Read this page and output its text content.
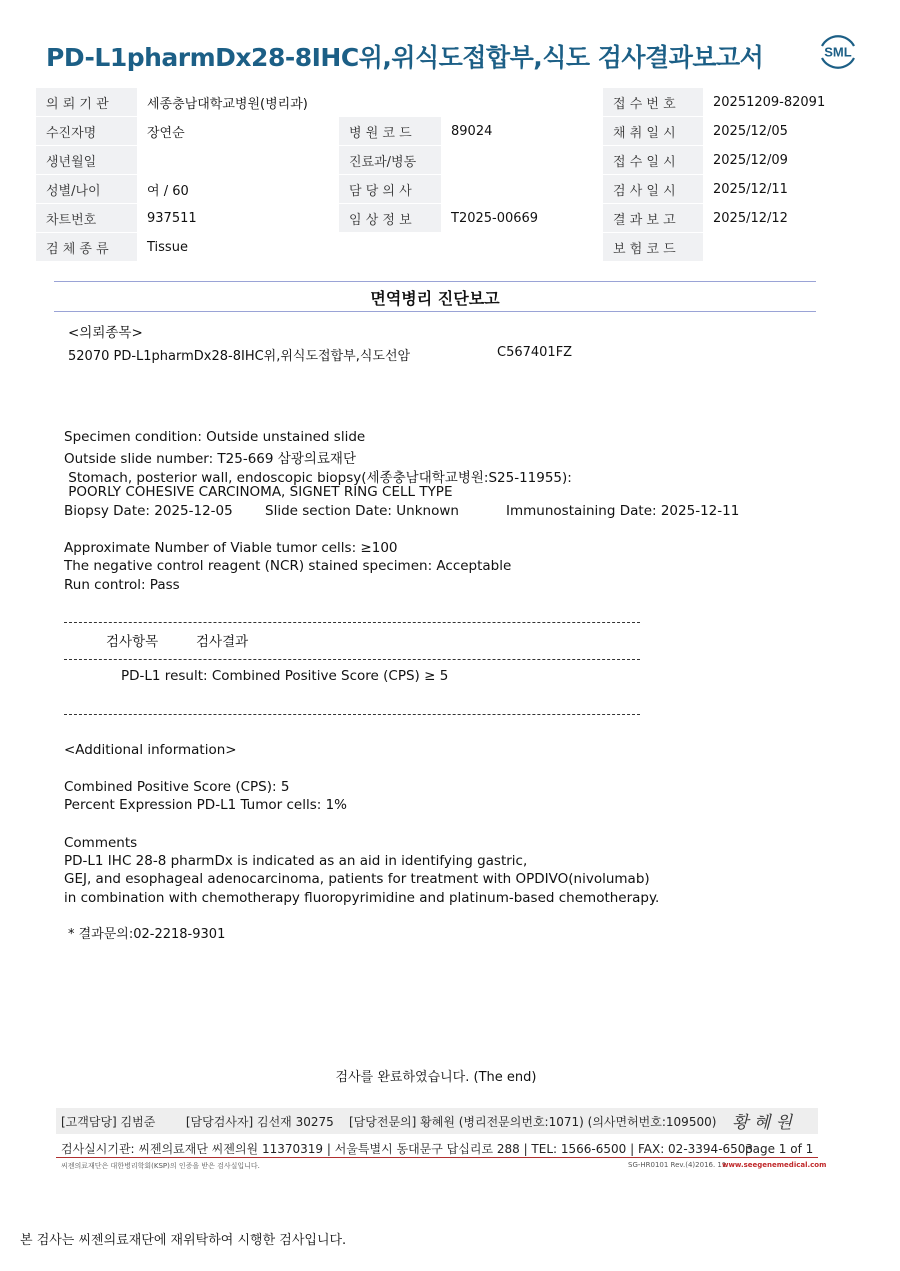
PD-L1pharmDx28-8IHC위,위식도접합부,식도 검사결과보고서	SML
의 뢰 기 관	세종충남대학교병원(병리과)			접 수 번 호	20251209-82091
수진자명	장연순	병 원 코 드	89024	채 취 일 시	2025/12/05
생년월일		진료과/병동		접 수 일 시	2025/12/09
성별/나이	여 / 60	담 당 의 사		검 사 일 시	2025/12/11
차트번호	937511	임 상 정 보	T2025-00669	결 과 보 고	2025/12/12
검 체 종 류	Tissue			보 험 코 드	
면역병리 진단보고
<의뢰종목>
52070 PD-L1pharmDx28-8IHC위,위식도접합부,식도선암	C567401FZ
Specimen condition: Outside unstained slide
Outside slide number: T25-669 삼광의료재단
Stomach, posterior wall, endoscopic biopsy(세종충남대학교병원:S25-11955):
POORLY COHESIVE CARCINOMA, SIGNET RING CELL TYPE
Biopsy Date: 2025-12-05 Slide section Date: Unknown	Immunostaining Date: 2025-12-11
Approximate Number of Viable tumor cells: ≥100
The negative control reagent (NCR) stained specimen: Acceptable
Run control: Pass
검사항목	검사결과
PD-L1 result: Combined Positive Score (CPS) ≥ 5
<Additional information>
Combined Positive Score (CPS): 5
Percent Expression PD-L1 Tumor cells: 1%
Comments
PD-L1 IHC 28-8 pharmDx is indicated as an aid in identifying gastric,
GEJ, and esophageal adenocarcinoma, patients for treatment with OPDIVO(nivolumab)
in combination with chemotherapy fluoropyrimidine and platinum-based chemotherapy.
* 결과문의:02-2218-9301
검사를 완료하였습니다. (The end)
[고객담당] 김범준        [담당검사자] 김선재 30275    [담당전문의] 황혜원 (병리전문의번호:1071) (의사면허번호:109500) 황 혜 원
검사실시기관: 씨젠의료재단 씨젠의원 11370319 | 서울특별시 동대문구 답십리로 288 | TEL: 1566-6500 | FAX: 02-3394-6503
page 1 of 1
씨젠의료재단은 대한병리학회(KSP)의 인증을 받은 검사실입니다.	SG-HR0101 Rev.(4)2016. 11
www.seegenemedical.com
본 검사는 씨젠의료재단에 재위탁하여 시행한 검사입니다.
